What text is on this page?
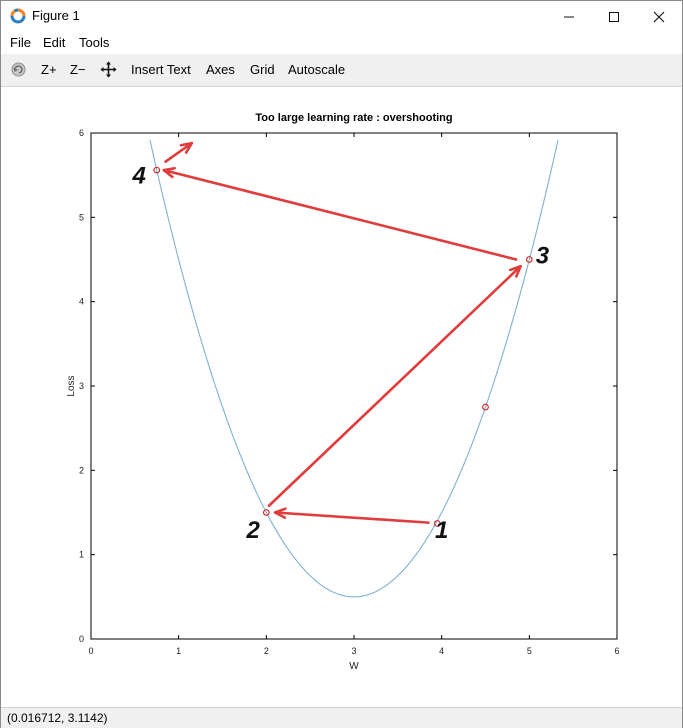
Figure 1
File Edit Tools
Z+ Z−	Insert Text Axes Grid Autoscale
Too large learning rate : overshooting
0	1	2	3	4	5	6
0
1
2
3
4
5
6
1
2
3
4
W
Loss
(0.016712, 3.1142)
